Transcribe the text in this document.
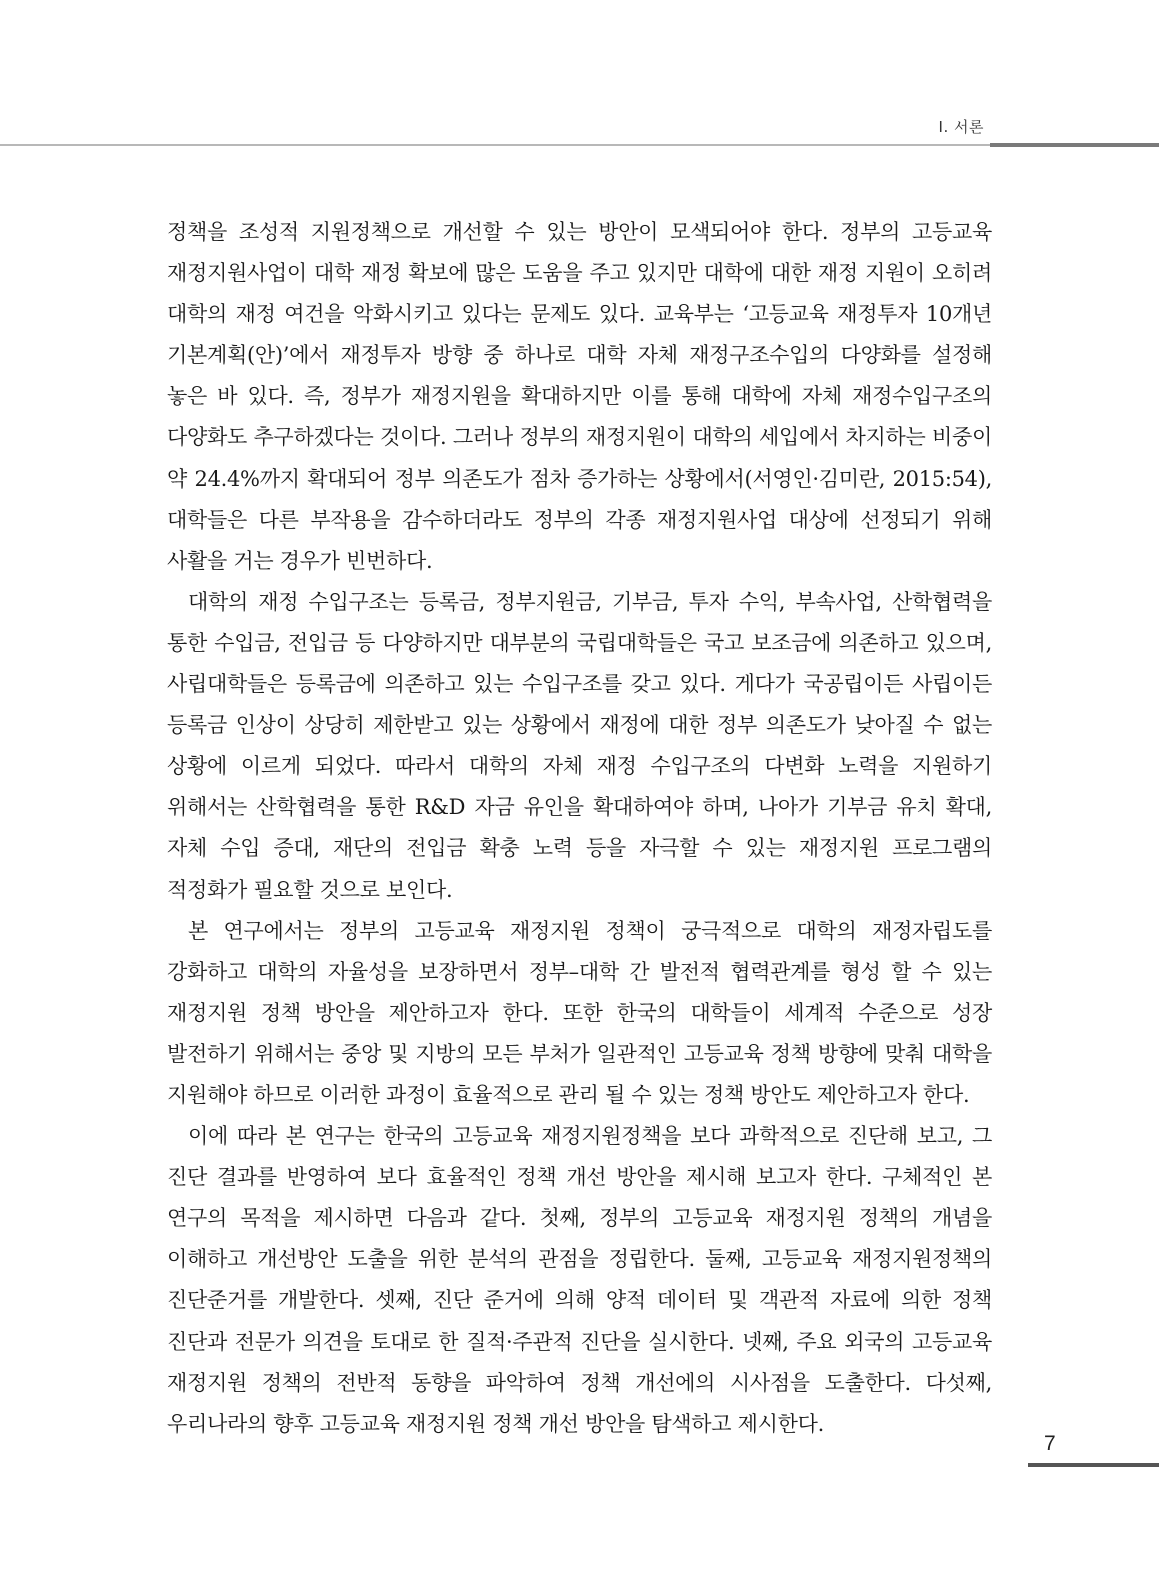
Ⅰ. 서론

정책을 조성적 지원정책으로 개선할 수 있는 방안이 모색되어야 한다. 정부의 고등교육 재정지원사업이 대학 재정 확보에 많은 도움을 주고 있지만 대학에 대한 재정 지원이 오히려 대학의 재정 여건을 악화시키고 있다는 문제도 있다. 교육부는 ‘고등교육 재정투자 10개년 기본계획(안)’에서 재정투자 방향 중 하나로 대학 자체 재정구조수입의 다양화를 설정해 놓은 바 있다. 즉, 정부가 재정지원을 확대하지만 이를 통해 대학에 자체 재정수입구조의 다양화도 추구하겠다는 것이다. 그러나 정부의 재정지원이 대학의 세입에서 차지하는 비중이 약 24.4%까지 확대되어 정부 의존도가 점차 증가하는 상황에서(서영인·김미란, 2015:54), 대학들은 다른 부작용을 감수하더라도 정부의 각종 재정지원사업 대상에 선정되기 위해 사활을 거는 경우가 빈번하다.

대학의 재정 수입구조는 등록금, 정부지원금, 기부금, 투자 수익, 부속사업, 산학협력을 통한 수입금, 전입금 등 다양하지만 대부분의 국립대학들은 국고 보조금에 의존하고 있으며, 사립대학들은 등록금에 의존하고 있는 수입구조를 갖고 있다. 게다가 국공립이든 사립이든 등록금 인상이 상당히 제한받고 있는 상황에서 재정에 대한 정부 의존도가 낮아질 수 없는 상황에 이르게 되었다. 따라서 대학의 자체 재정 수입구조의 다변화 노력을 지원하기 위해서는 산학협력을 통한 R&D 자금 유인을 확대하여야 하며, 나아가 기부금 유치 확대, 자체 수입 증대, 재단의 전입금 확충 노력 등을 자극할 수 있는 재정지원 프로그램의 적정화가 필요할 것으로 보인다.

본 연구에서는 정부의 고등교육 재정지원 정책이 궁극적으로 대학의 재정자립도를 강화하고 대학의 자율성을 보장하면서 정부–대학 간 발전적 협력관계를 형성 할 수 있는 재정지원 정책 방안을 제안하고자 한다. 또한 한국의 대학들이 세계적 수준으로 성장 발전하기 위해서는 중앙 및 지방의 모든 부처가 일관적인 고등교육 정책 방향에 맞춰 대학을 지원해야 하므로 이러한 과정이 효율적으로 관리 될 수 있는 정책 방안도 제안하고자 한다.

이에 따라 본 연구는 한국의 고등교육 재정지원정책을 보다 과학적으로 진단해 보고, 그 진단 결과를 반영하여 보다 효율적인 정책 개선 방안을 제시해 보고자 한다. 구체적인 본 연구의 목적을 제시하면 다음과 같다. 첫째, 정부의 고등교육 재정지원 정책의 개념을 이해하고 개선방안 도출을 위한 분석의 관점을 정립한다. 둘째, 고등교육 재정지원정책의 진단준거를 개발한다. 셋째, 진단 준거에 의해 양적 데이터 및 객관적 자료에 의한 정책 진단과 전문가 의견을 토대로 한 질적·주관적 진단을 실시한다. 넷째, 주요 외국의 고등교육 재정지원 정책의 전반적 동향을 파악하여 정책 개선에의 시사점을 도출한다. 다섯째, 우리나라의 향후 고등교육 재정지원 정책 개선 방안을 탐색하고 제시한다.

7
